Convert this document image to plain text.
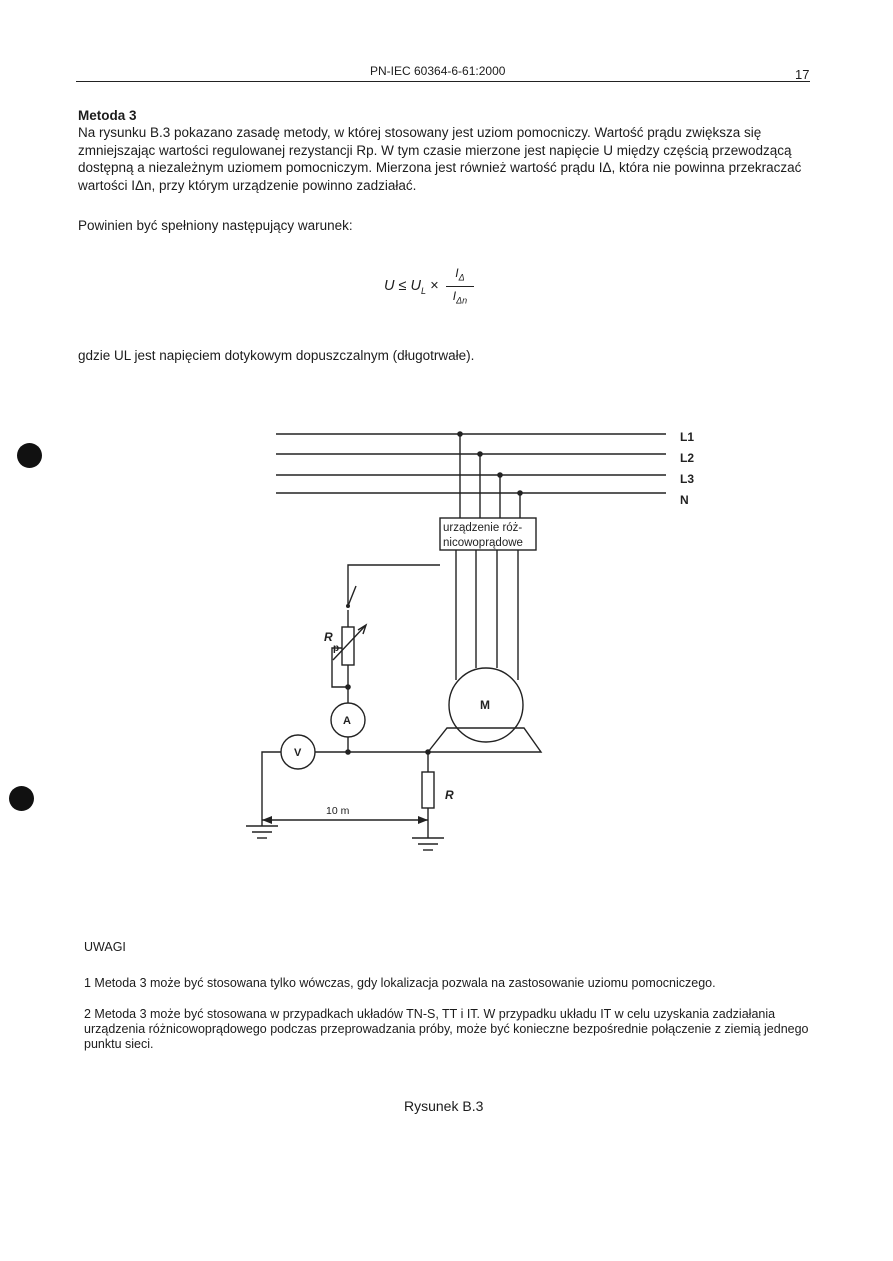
PN-IEC 60364-6-61:2000	17
Metoda 3
Na rysunku B.3 pokazano zasadę metody, w której stosowany jest uziom pomocniczy. Wartość prądu zwiększa się zmniejszając wartości regulowanej rezystancji Rp. W tym czasie mierzone jest napięcie U między częścią przewodzącą dostępną a niezależnym uziomem pomocniczym. Mierzona jest również wartość prądu IΔ, która nie powinna przekraczać wartości IΔn, przy którym urządzenie powinno zadziałać.
Powinien być spełniony następujący warunek:
$U \le U_L$ ×
$I_\Delta$
$I_{\Delta n}$
gdzie UL jest napięciem dotykowym dopuszczalnym (długotrwałe).
L1
L2
L3
N
urządzenie róż-
nicowoprądowe
10 m
R
p
A
V
M
R
UWAGI
1 Metoda 3 może być stosowana tylko wówczas, gdy lokalizacja pozwala na zastosowanie uziomu pomocniczego.
2 Metoda 3 może być stosowana w przypadkach układów TN-S, TT i IT. W przypadku układu IT w celu uzyskania zadziałania urządzenia różnicowoprądowego podczas przeprowadzania próby, może być konieczne bezpośrednie połączenie z ziemią jednego punktu sieci.
Rysunek B.3
